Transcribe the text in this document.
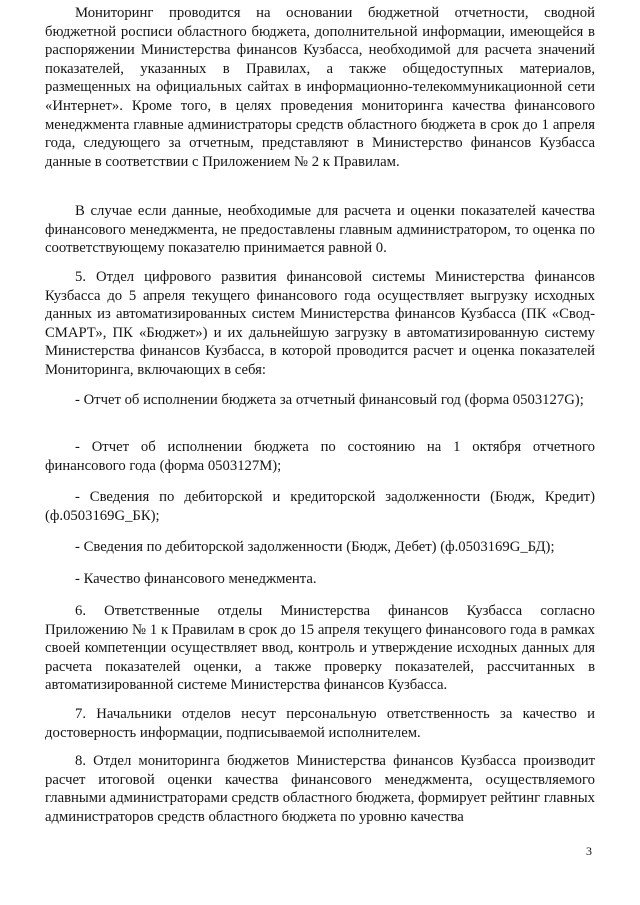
Мониторинг проводится на основании бюджетной отчетности, сводной бюджетной росписи областного бюджета, дополнительной информации, имеющейся в распоряжении Министерства финансов Кузбасса, необходимой для расчета значений показателей, указанных в Правилах, а также общедоступных материалов, размещенных на официальных сайтах в информационно-телекоммуникационной сети «Интернет». Кроме того, в целях проведения мониторинга качества финансового менеджмента главные администраторы средств областного бюджета в срок до 1 апреля года, следующего за отчетным, представляют в Министерство финансов Кузбасса данные в соответствии с Приложением № 2 к Правилам.

В случае если данные, необходимые для расчета и оценки показателей качества финансового менеджмента, не предоставлены главным администратором, то оценка по соответствующему показателю принимается равной 0.

5. Отдел цифрового развития финансовой системы Министерства финансов Кузбасса до 5 апреля текущего финансового года осуществляет выгрузку исходных данных из автоматизированных систем Министерства финансов Кузбасса (ПК «Свод-СМАРТ», ПК «Бюджет») и их дальнейшую загрузку в автоматизированную систему Министерства финансов Кузбасса, в которой проводится расчет и оценка показателей Мониторинга, включающих в себя:

- Отчет об исполнении бюджета за отчетный финансовый год (форма 0503127G);

- Отчет об исполнении бюджета по состоянию на 1 октября отчетного финансового года (форма 0503127M);

- Сведения по дебиторской и кредиторской задолженности (Бюдж, Кредит) (ф.0503169G_БК);

- Сведения по дебиторской задолженности (Бюдж, Дебет) (ф.0503169G_БД);

- Качество финансового менеджмента.

6. Ответственные отделы Министерства финансов Кузбасса согласно Приложению № 1 к Правилам в срок до 15 апреля текущего финансового года в рамках своей компетенции осуществляет ввод, контроль и утверждение исходных данных для расчета показателей оценки, а также проверку показателей, рассчитанных в автоматизированной системе Министерства финансов Кузбасса.

7. Начальники отделов несут персональную ответственность за качество и достоверность информации, подписываемой исполнителем.

8. Отдел мониторинга бюджетов Министерства финансов Кузбасса производит расчет итоговой оценки качества финансового менеджмента, осуществляемого главными администраторами средств областного бюджета, формирует рейтинг главных администраторов средств областного бюджета по уровню качества

3
